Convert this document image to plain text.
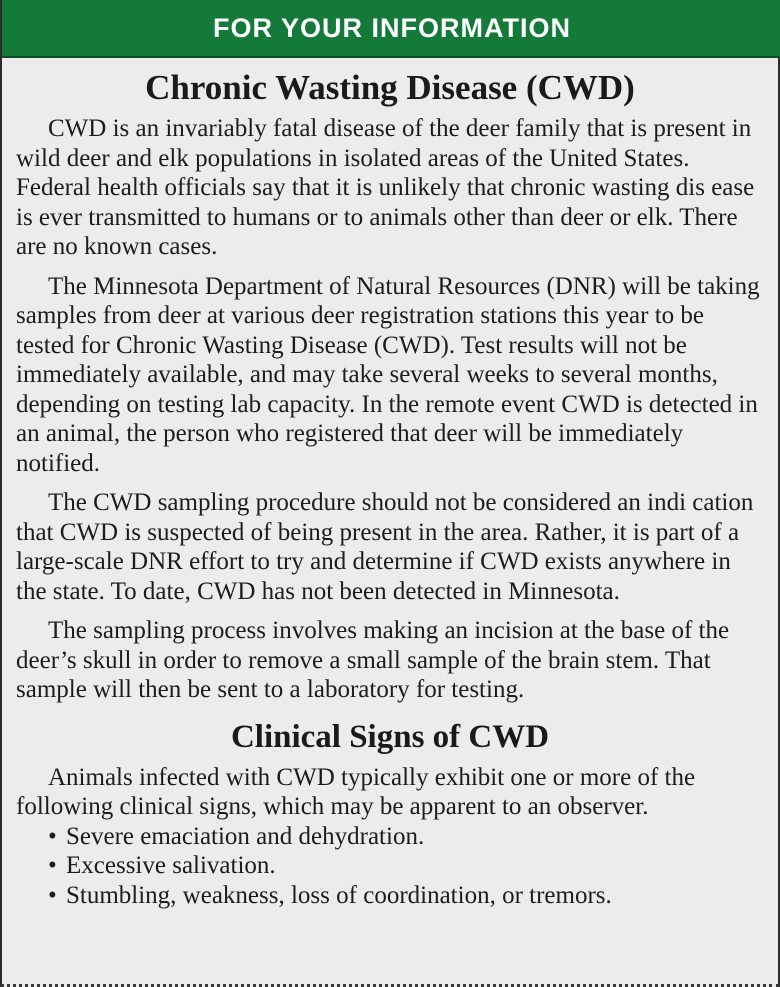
FOR YOUR INFORMATION
Chronic Wasting Disease (CWD)

CWD is an invariably fatal disease of the deer family that is present in wild deer and elk populations in isolated areas of the United States. Federal health officials say that it is unlikely that chronic wasting dis ease is ever transmitted to humans or to animals other than deer or elk. There are no known cases.

The Minnesota Department of Natural Resources (DNR) will be taking samples from deer at various deer registration stations this year to be tested for Chronic Wasting Disease (CWD). Test results will not be immediately available, and may take several weeks to several months, depending on testing lab capacity. In the remote event CWD is detected in an animal, the person who registered that deer will be immediately notified.

The CWD sampling procedure should not be considered an indi cation that CWD is suspected of being present in the area. Rather, it is part of a large-scale DNR effort to try and determine if CWD exists anywhere in the state. To date, CWD has not been detected in Minnesota.

The sampling process involves making an incision at the base of the deer’s skull in order to remove a small sample of the brain stem. That sample will then be sent to a laboratory for testing.

Clinical Signs of CWD

Animals infected with CWD typically exhibit one or more of the following clinical signs, which may be apparent to an observer.

• Severe emaciation and dehydration.
• Excessive salivation.
• Stumbling, weakness, loss of coordination, or tremors.
